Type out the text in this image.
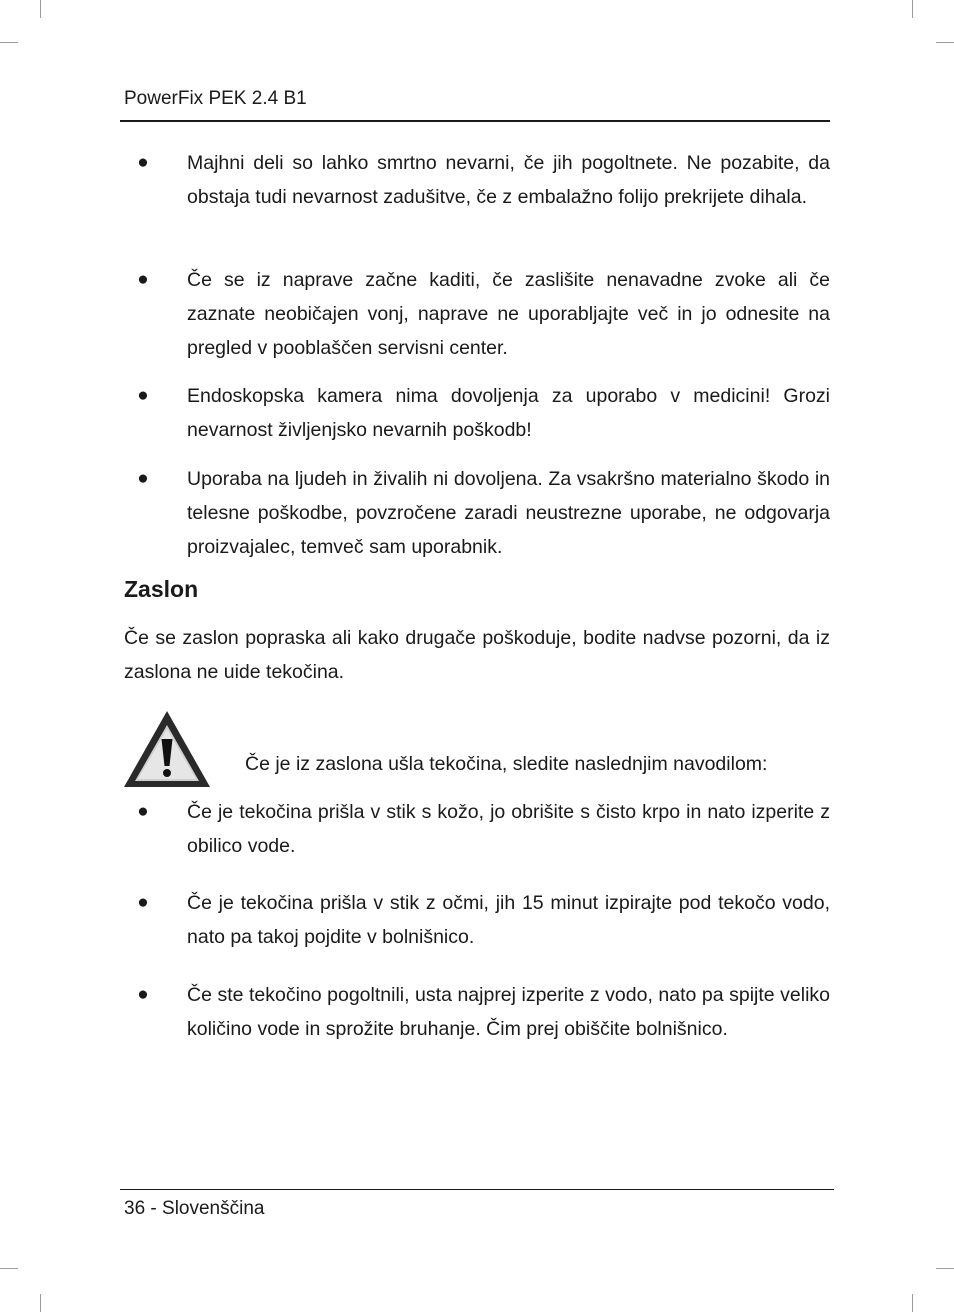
PowerFix PEK 2.4 B1
● Majhni deli so lahko smrtno nevarni, če jih pogoltnete. Ne pozabite, da obstaja tudi nevarnost zadušitve, če z embalažno folijo prekrijete dihala.
● Če se iz naprave začne kaditi, če zaslišite nenavadne zvoke ali če zaznate neobičajen vonj, naprave ne uporabljajte več in jo odnesite na pregled v pooblaščen servisni center.
● Endoskopska kamera nima dovoljenja za uporabo v medicini! Grozi nevarnost življenjsko nevarnih poškodb!
● Uporaba na ljudeh in živalih ni dovoljena. Za vsakršno materialno škodo in telesne poškodbe, povzročene zaradi neustrezne uporabe, ne odgovarja proizvajalec, temveč sam uporabnik.
Zaslon

Če se zaslon popraska ali kako drugače poškoduje, bodite nadvse pozorni, da iz zaslona ne uide tekočina.

Če je iz zaslona ušla tekočina, sledite naslednjim navodilom:
● Če je tekočina prišla v stik s kožo, jo obrišite s čisto krpo in nato izperite z obilico vode.
● Če je tekočina prišla v stik z očmi, jih 15 minut izpirajte pod tekočo vodo, nato pa takoj pojdite v bolnišnico.
● Če ste tekočino pogoltnili, usta najprej izperite z vodo, nato pa spijte veliko količino vode in sprožite bruhanje. Čim prej obiščite bolnišnico.
36 - Slovenščina
